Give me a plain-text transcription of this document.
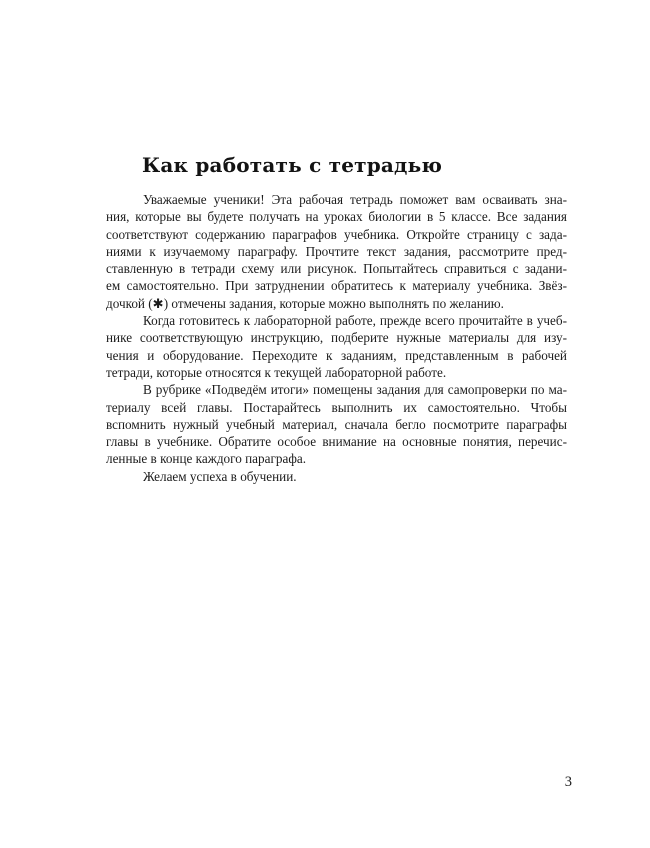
Как работать с тетрадью
Уважаемые ученики! Эта рабочая тетрадь поможет вам осваивать зна-
ния, которые вы будете получать на уроках биологии в 5 классе. Все задания
соответствуют содержанию параграфов учебника. Откройте страницу с зада-
ниями к изучаемому параграфу. Прочтите текст задания, рассмотрите пред-
ставленную в тетради схему или рисунок. Попытайтесь справиться с задани-
ем самостоятельно. При затруднении обратитесь к материалу учебника. Звёз-
дочкой (✱) отмечены задания, которые можно выполнять по желанию.
Когда готовитесь к лабораторной работе, прежде всего прочитайте в учеб-
нике соответствующую инструкцию, подберите нужные материалы для изу-
чения и оборудование. Переходите к заданиям, представленным в рабочей
тетради, которые относятся к текущей лабораторной работе.
В рубрике «Подведём итоги» помещены задания для самопроверки по ма-
териалу всей главы. Постарайтесь выполнить их самостоятельно. Чтобы
вспомнить нужный учебный материал, сначала бегло посмотрите параграфы
главы в учебнике. Обратите особое внимание на основные понятия, перечис-
ленные в конце каждого параграфа.
Желаем успеха в обучении.
3
